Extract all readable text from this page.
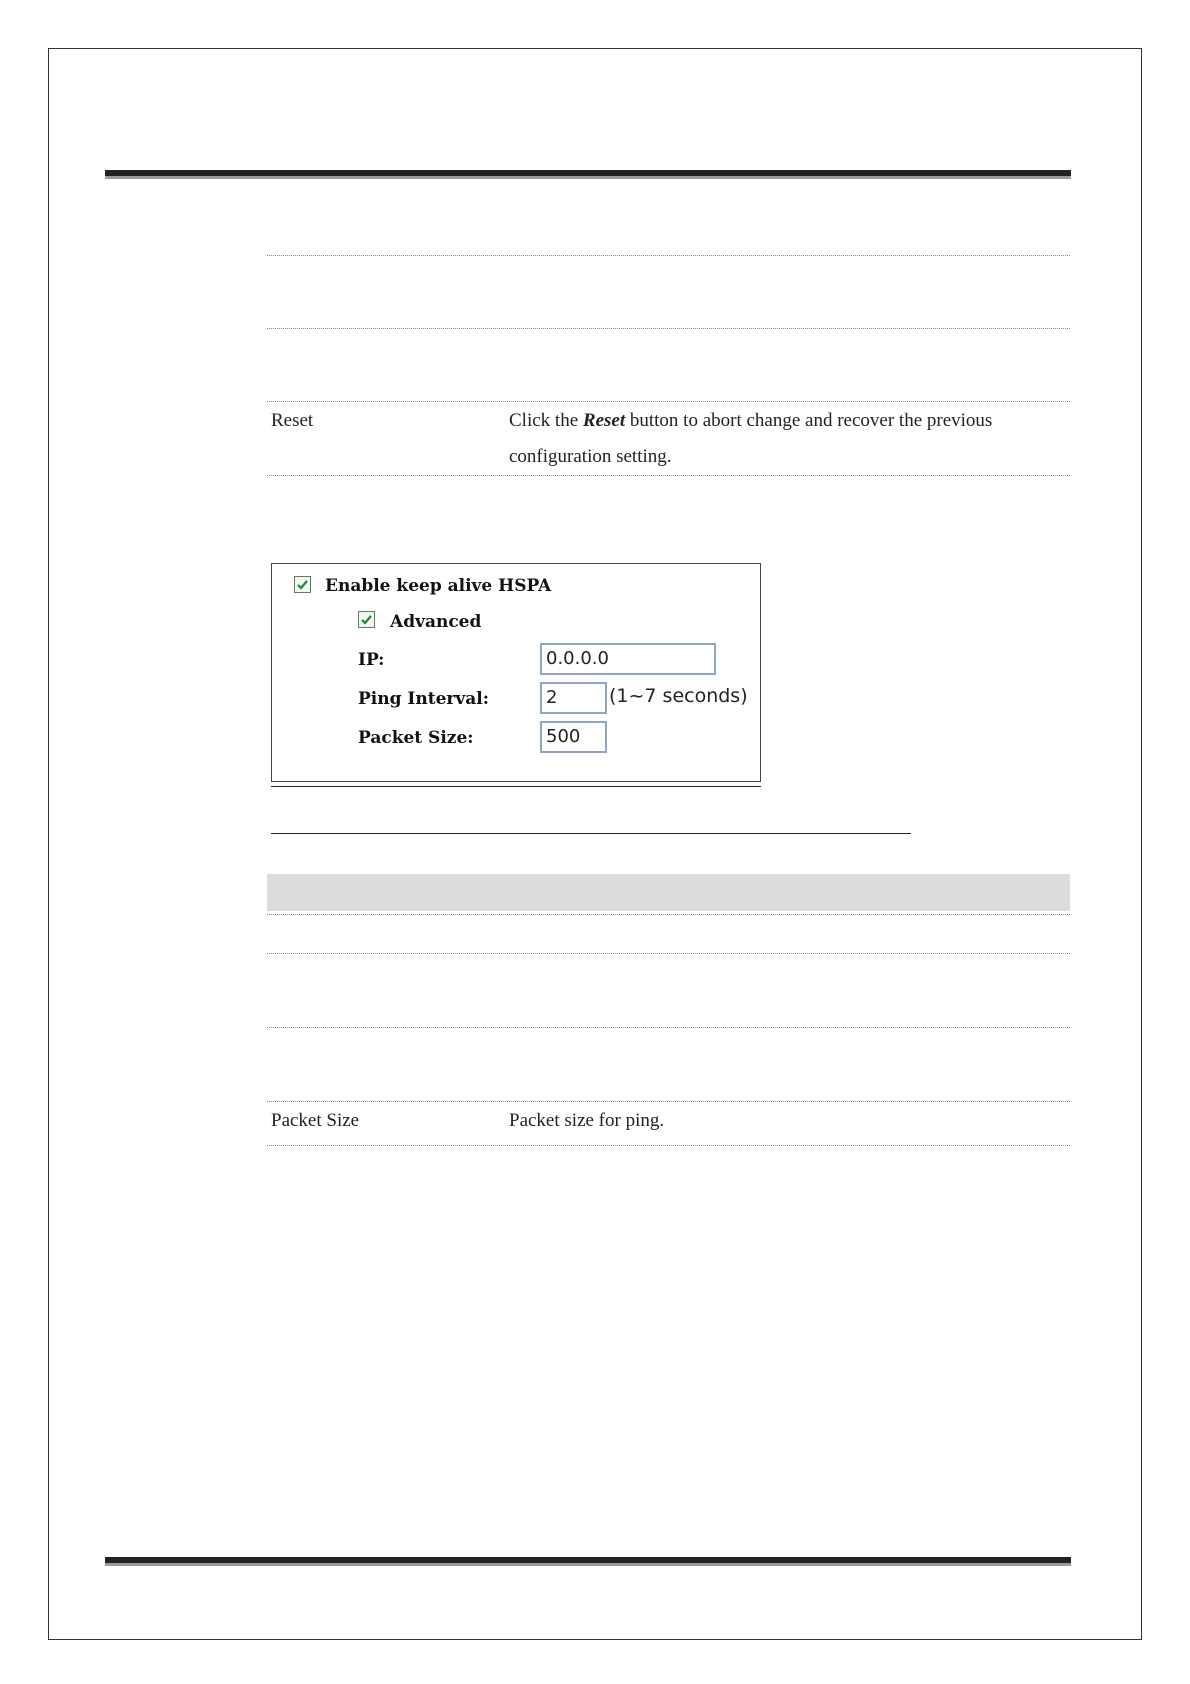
Reset	Click the Reset button to abort change and recover the previous
configuration setting.
Enable keep alive HSPA
Advanced
IP:	0.0.0.0
Ping Interval:	2	(1~7 seconds)
Packet Size:	500
Packet Size	Packet size for ping.
